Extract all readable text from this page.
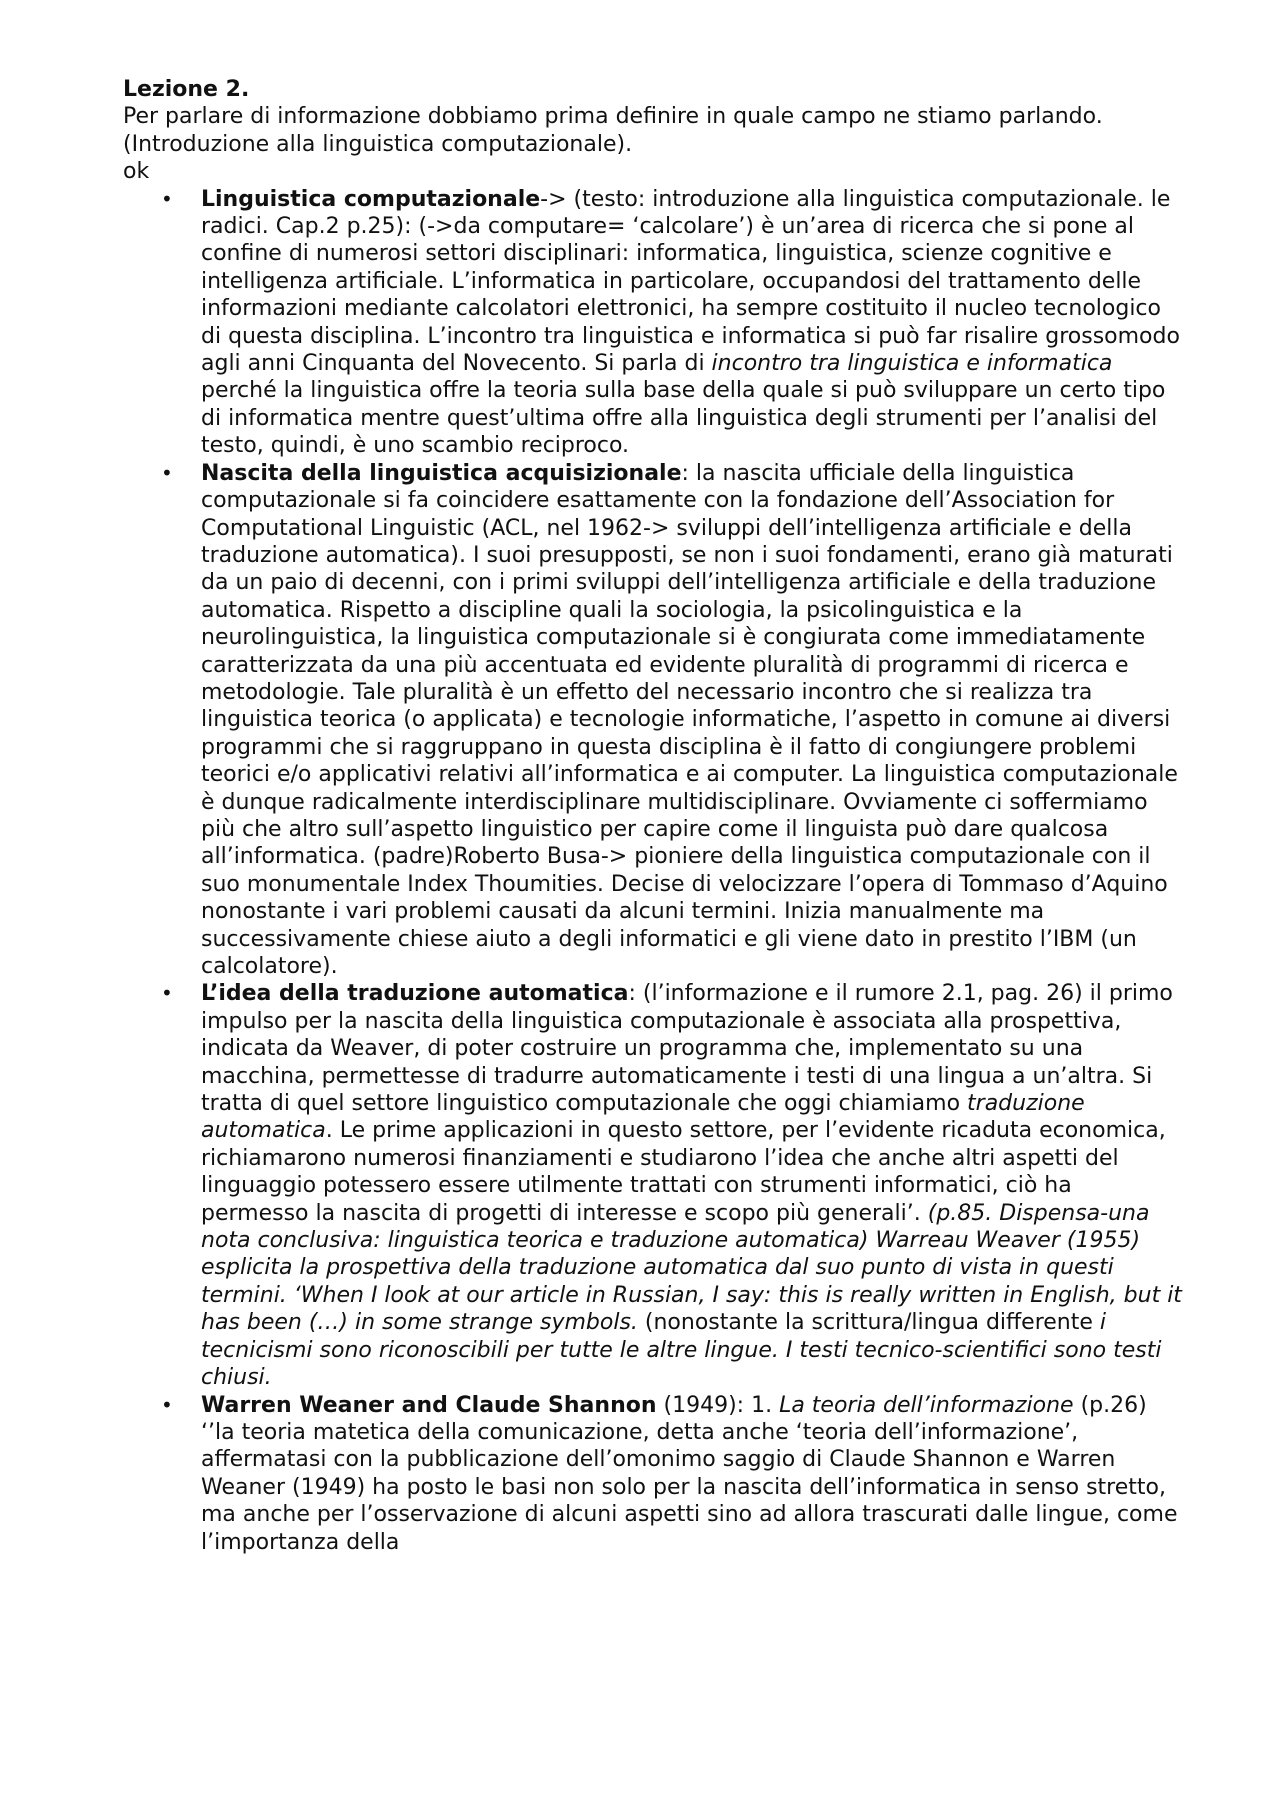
Lezione 2.

Per parlare di informazione dobbiamo prima definire in quale campo ne stiamo parlando.

(Introduzione alla linguistica computazionale).

ok

• Linguistica computazionale-> (testo: introduzione alla linguistica computazionale. le radici. Cap.2 p.25): (->da computare= ‘calcolare’) è un’area di ricerca che si pone al confine di numerosi settori disciplinari: informatica, linguistica, scienze cognitive e intelligenza artificiale. L’informatica in particolare, occupandosi del trattamento delle informazioni mediante calcolatori elettronici, ha sempre costituito il nucleo tecnologico di questa disciplina. L’incontro tra linguistica e informatica si può far risalire grossomodo agli anni Cinquanta del Novecento. Si parla di incontro tra linguistica e informatica perché la linguistica offre la teoria sulla base della quale si può sviluppare un certo tipo di informatica mentre quest’ultima offre alla linguistica degli strumenti per l’analisi del testo, quindi, è uno scambio reciproco.
• Nascita della linguistica acquisizionale: la nascita ufficiale della linguistica computazionale si fa coincidere esattamente con la fondazione dell’Association for Computational Linguistic (ACL, nel 1962-> sviluppi dell’intelligenza artificiale e della traduzione automatica). I suoi presupposti, se non i suoi fondamenti, erano già maturati da un paio di decenni, con i primi sviluppi dell’intelligenza artificiale e della traduzione automatica. Rispetto a discipline quali la sociologia, la psicolinguistica e la neurolinguistica, la linguistica computazionale si è congiurata come immediatamente caratterizzata da una più accentuata ed evidente pluralità di programmi di ricerca e metodologie. Tale pluralità è un effetto del necessario incontro che si realizza tra linguistica teorica (o applicata) e tecnologie informatiche, l’aspetto in comune ai diversi programmi che si raggruppano in questa disciplina è il fatto di congiungere problemi teorici e/o applicativi relativi all’informatica e ai computer. La linguistica computazionale è dunque radicalmente interdisciplinare multidisciplinare. Ovviamente ci soffermiamo più che altro sull’aspetto linguistico per capire come il linguista può dare qualcosa all’informatica. (padre)Roberto Busa-> pioniere della linguistica computazionale con il suo monumentale Index Thoumities. Decise di velocizzare l’opera di Tommaso d’Aquino nonostante i vari problemi causati da alcuni termini. Inizia manualmente ma successivamente chiese aiuto a degli informatici e gli viene dato in prestito l’IBM (un calcolatore).
• L’idea della traduzione automatica: (l’informazione e il rumore 2.1, pag. 26) il primo impulso per la nascita della linguistica computazionale è associata alla prospettiva, indicata da Weaver, di poter costruire un programma che, implementato su una macchina, permettesse di tradurre automaticamente i testi di una lingua a un’altra. Si tratta di quel settore linguistico computazionale che oggi chiamiamo traduzione automatica. Le prime applicazioni in questo settore, per l’evidente ricaduta economica, richiamarono numerosi finanziamenti e studiarono l’idea che anche altri aspetti del linguaggio potessero essere utilmente trattati con strumenti informatici, ciò ha permesso la nascita di progetti di interesse e scopo più generali’. (p.85. Dispensa-una nota conclusiva: linguistica teorica e traduzione automatica) Warreau Weaver (1955) esplicita la prospettiva della traduzione automatica dal suo punto di vista in questi termini. ‘When I look at our article in Russian, I say: this is really written in English, but it has been (…) in some strange symbols. (nonostante la scrittura/lingua differente i tecnicismi sono riconoscibili per tutte le altre lingue. I testi tecnico-scientifici sono testi chiusi.
• Warren Weaner and Claude Shannon (1949): 1. La teoria dell’informazione (p.26) ‘’la teoria matetica della comunicazione, detta anche ‘teoria dell’informazione’, affermatasi con la pubblicazione dell’omonimo saggio di Claude Shannon e Warren Weaner (1949) ha posto le basi non solo per la nascita dell’informatica in senso stretto, ma anche per l’osservazione di alcuni aspetti sino ad allora trascurati dalle lingue, come l’importanza della
